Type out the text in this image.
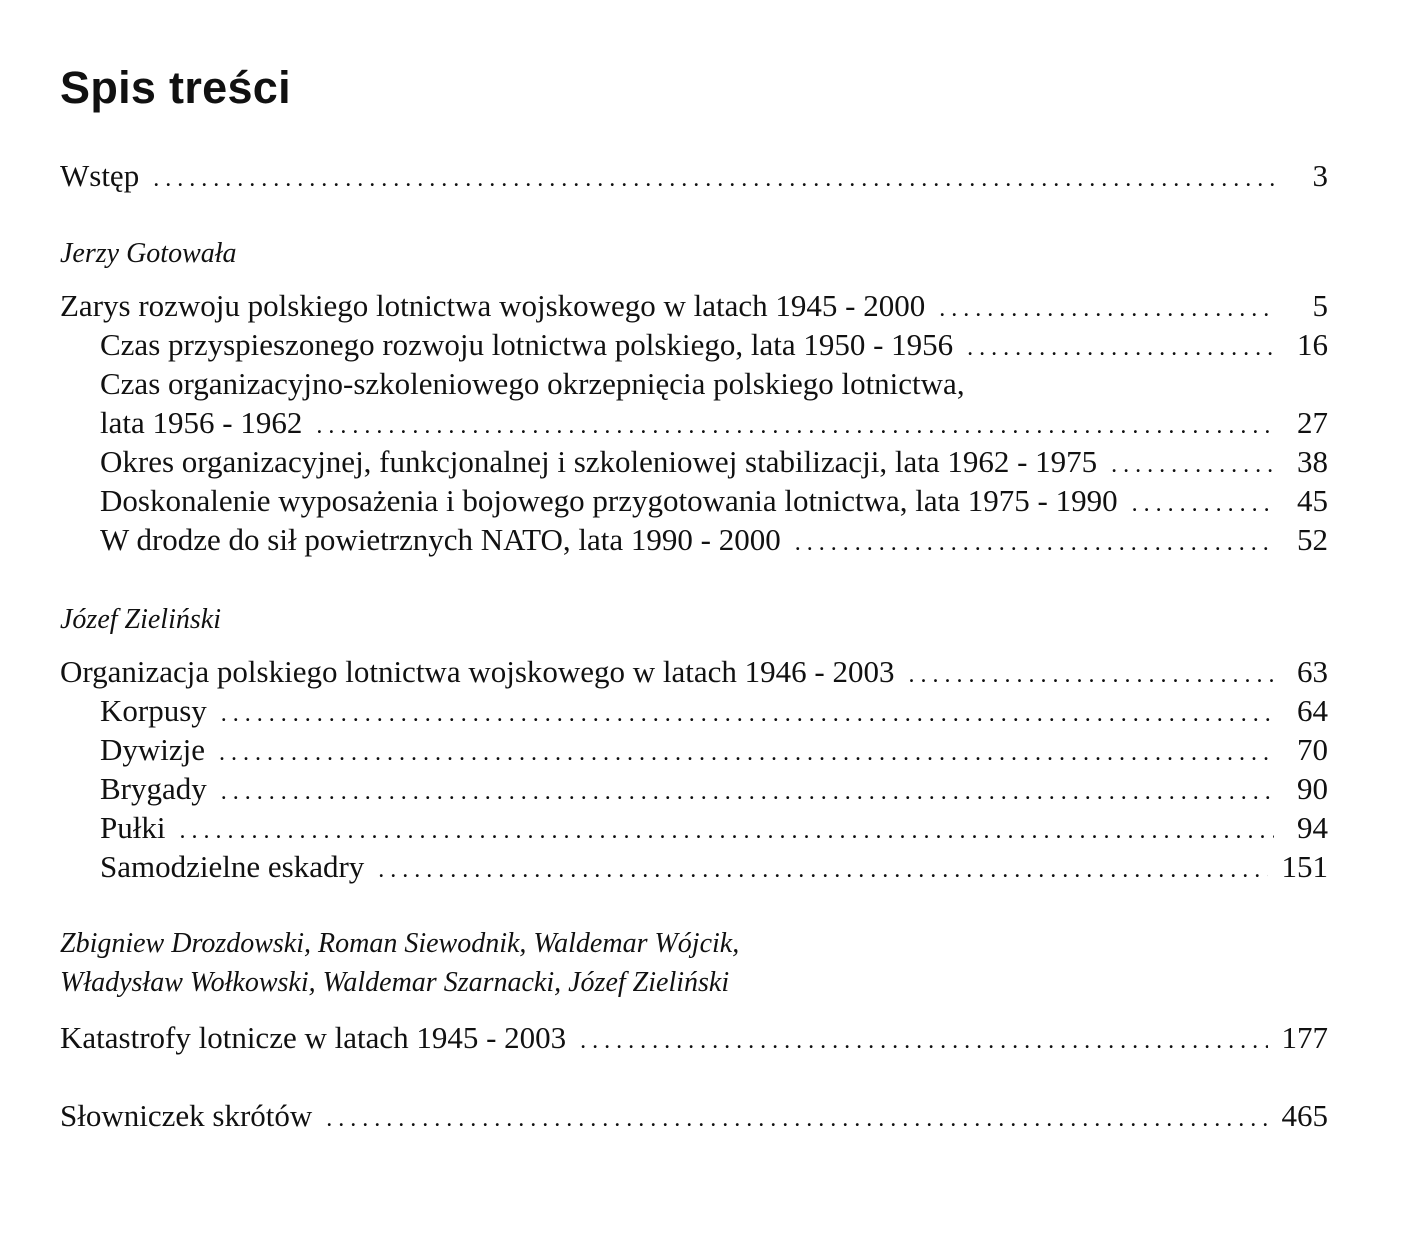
Spis treści
Wstęp . . .	3
Jerzy Gotowała
Zarys rozwoju polskiego lotnictwa wojskowego w latach 1945 - 2000 . . .	5
Czas przyspieszonego rozwoju lotnictwa polskiego, lata 1950 - 1956 . . .	16
Czas organizacyjno-szkoleniowego okrzepnięcia polskiego lotnictwa,
lata 1956 - 1962 . . .	27
Okres organizacyjnej, funkcjonalnej i szkoleniowej stabilizacji, lata 1962 - 1975 . . .	38
Doskonalenie wyposażenia i bojowego przygotowania lotnictwa, lata 1975 - 1990 . . .	45
W drodze do sił powietrznych NATO, lata 1990 - 2000 . . .	52
Józef Zieliński
Organizacja polskiego lotnictwa wojskowego w latach 1946 - 2003 . . .	63
Korpusy . . .	64
Dywizje . . .	70
Brygady . . .	90
Pułki . . .	94
Samodzielne eskadry . . .	151
Zbigniew Drozdowski, Roman Siewodnik, Waldemar Wójcik,
Władysław Wołkowski, Waldemar Szarnacki, Józef Zieliński
Katastrofy lotnicze w latach 1945 - 2003 . . .	177
Słowniczek skrótów . . .	465
